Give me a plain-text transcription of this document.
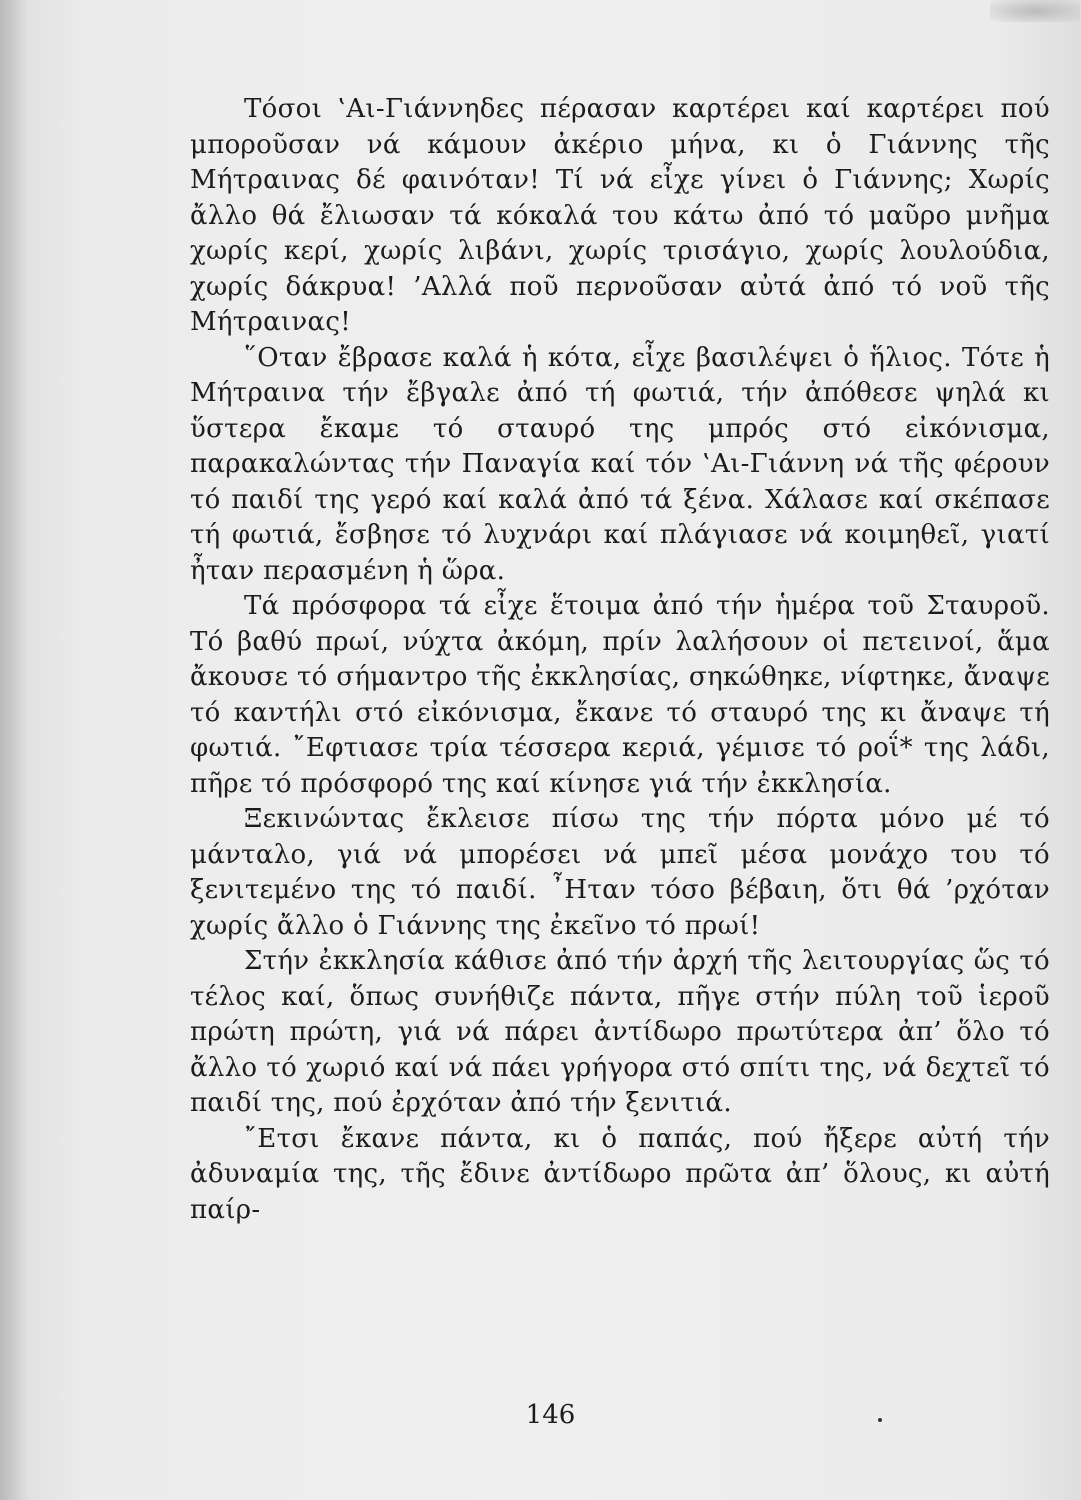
Τόσοι ‛Αι-Γιάννηδες πέρασαν καρτέρει καί καρτέρει πού μποροῦσαν νά κάμουν ἀκέριο μήνα, κι ὁ Γιάννης τῆς Μήτραινας δέ φαινόταν! Τί νά εἶχε γίνει ὁ Γιάννης; Χωρίς ἄλλο θά ἔλιωσαν τά κόκαλά του κάτω ἀπό τό μαῦρο μνῆμα χωρίς κερί, χωρίς λιβάνι, χωρίς τρισάγιο, χωρίς λουλούδια, χωρίς δάκρυα! ’Αλλά ποῦ περνοῦσαν αὐτά ἀπό τό νοῦ τῆς Μήτραινας!

῞Οταν ἔβρασε καλά ἡ κότα, εἶχε βασιλέψει ὁ ἥλιος. Τότε ἡ Μήτραινα τήν ἔβγαλε ἀπό τή φωτιά, τήν ἀπόθεσε ψηλά κι ὕστερα ἔκαμε τό σταυρό της μπρός στό εἰκόνισμα, παρακαλώντας τήν Παναγία καί τόν ‛Αι-Γιάννη νά τῆς φέρουν τό παιδί της γερό καί καλά ἀπό τά ξένα. Χάλασε καί σκέπασε τή φωτιά, ἔσβησε τό λυχνάρι καί πλάγιασε νά κοιμηθεῖ, γιατί ἦταν περασμένη ἡ ὥρα.

Τά πρόσφορα τά εἶχε ἕτοιμα ἀπό τήν ἡμέρα τοῦ Σταυροῦ. Τό βαθύ πρωί, νύχτα ἀκόμη, πρίν λαλήσουν οἱ πετεινοί, ἅμα ἄκουσε τό σήμαντρο τῆς ἐκκλησίας, σηκώθηκε, νίφτηκε, ἄναψε τό καντήλι στό εἰκόνισμα, ἔκανε τό σταυρό της κι ἄναψε τή φωτιά. ῎Εφτιασε τρία τέσσερα κεριά, γέμισε τό ροΐ* της λάδι, πῆρε τό πρόσφορό της καί κίνησε γιά τήν ἐκκλησία.

Ξεκινώντας ἔκλεισε πίσω της τήν πόρτα μόνο μέ τό μάνταλο, γιά νά μπορέσει νά μπεῖ μέσα μονάχο του τό ξενιτεμένο της τό παιδί. ῏Ηταν τόσο βέβαιη, ὅτι θά ’ρχόταν χωρίς ἄλλο ὁ Γιάννης της ἐκεῖνο τό πρωί!

Στήν ἐκκλησία κάθισε ἀπό τήν ἀρχή τῆς λειτουργίας ὥς τό τέλος καί, ὅπως συνήθιζε πάντα, πῆγε στήν πύλη τοῦ ἱεροῦ πρώτη πρώτη, γιά νά πάρει ἀντίδωρο πρωτύτερα ἀπ’ ὅλο τό ἄλλο τό χωριό καί νά πάει γρήγορα στό σπίτι της, νά δεχτεῖ τό παιδί της, πού ἐρχόταν ἀπό τήν ξενιτιά.

῎Ετσι ἔκανε πάντα, κι ὁ παπάς, πού ἤξερε αὐτή τήν ἀδυναμία της, τῆς ἔδινε ἀντίδωρο πρῶτα ἀπ’ ὅλους, κι αὐτή παίρ-

146
